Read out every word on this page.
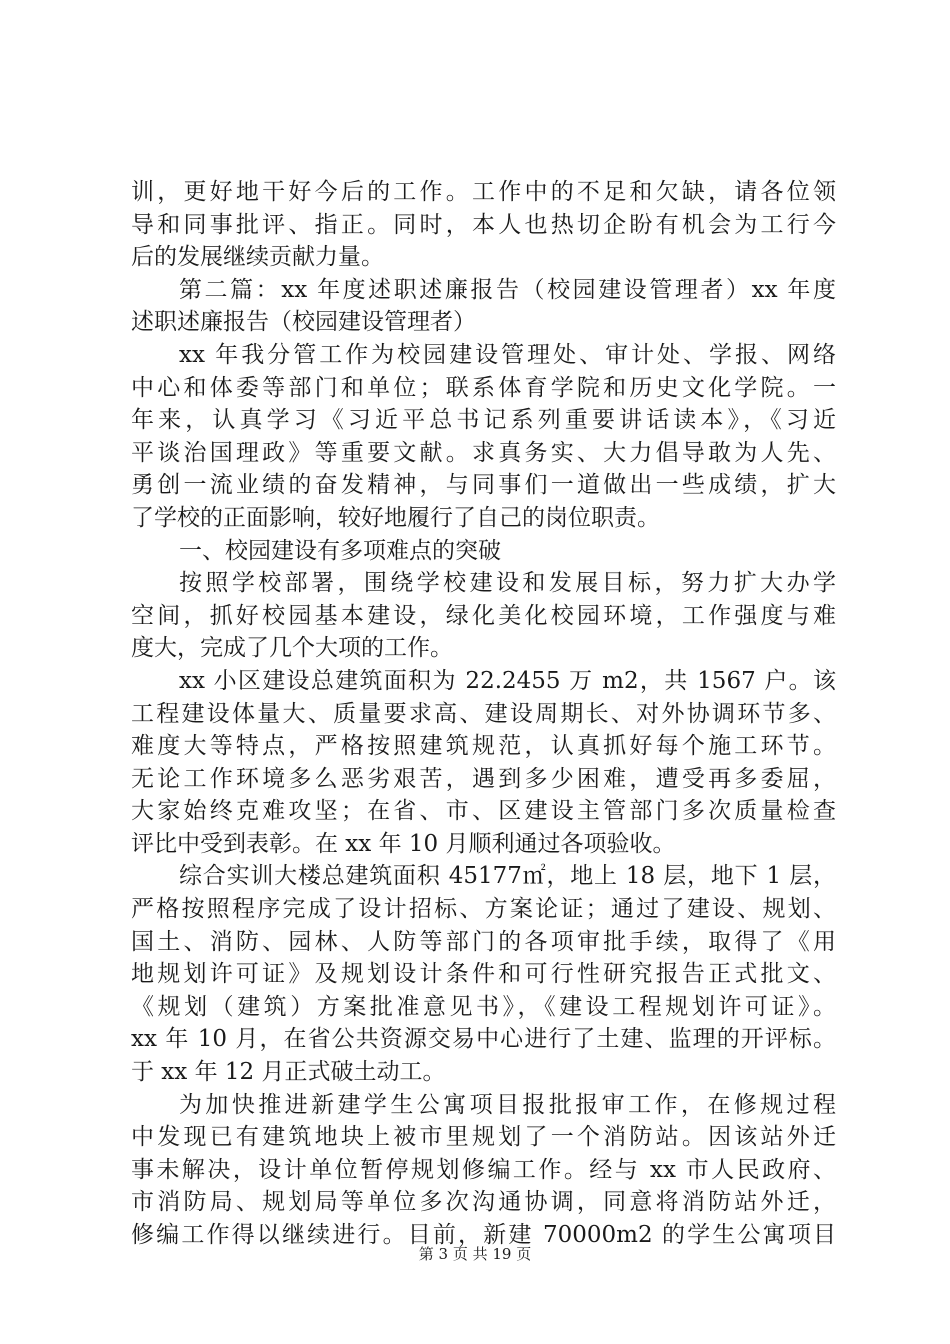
训，更好地干好今后的工作。工作中的不足和欠缺，请各位领
导和同事批评、指正。同时，本人也热切企盼有机会为工行今
后的发展继续贡献力量。
第二篇：xx 年度述职述廉报告（校园建设管理者）xx 年度
述职述廉报告（校园建设管理者）
xx 年我分管工作为校园建设管理处、审计处、学报、网络
中心和体委等部门和单位；联系体育学院和历史文化学院。一
年来，认真学习《习近平总书记系列重要讲话读本》，《习近
平谈治国理政》等重要文献。求真务实、大力倡导敢为人先、
勇创一流业绩的奋发精神，与同事们一道做出一些成绩，扩大
了学校的正面影响，较好地履行了自己的岗位职责。
一、校园建设有多项难点的突破
按照学校部署，围绕学校建设和发展目标，努力扩大办学
空间，抓好校园基本建设，绿化美化校园环境，工作强度与难
度大，完成了几个大项的工作。
xx 小区建设总建筑面积为 22.2455 万 m2，共 1567 户。该
工程建设体量大、质量要求高、建设周期长、对外协调环节多、
难度大等特点，严格按照建筑规范，认真抓好每个施工环节。
无论工作环境多么恶劣艰苦，遇到多少困难，遭受再多委屈，
大家始终克难攻坚；在省、市、区建设主管部门多次质量检查
评比中受到表彰。在 xx 年 10 月顺利通过各项验收。
综合实训大楼总建筑面积 45177㎡，地上 18 层，地下 1 层，
严格按照程序完成了设计招标、方案论证；通过了建设、规划、
国土、消防、园林、人防等部门的各项审批手续，取得了《用
地规划许可证》及规划设计条件和可行性研究报告正式批文、
《规划（建筑）方案批准意见书》，《建设工程规划许可证》。
xx 年 10 月，在省公共资源交易中心进行了土建、监理的开评标。
于 xx 年 12 月正式破土动工。
为加快推进新建学生公寓项目报批报审工作，在修规过程
中发现已有建筑地块上被市里规划了一个消防站。因该站外迁
事未解决，设计单位暂停规划修编工作。经与 xx 市人民政府、
市消防局、规划局等单位多次沟通协调，同意将消防站外迁，
修编工作得以继续进行。目前，新建 70000m2 的学生公寓项目
第 3 页 共 19 页
